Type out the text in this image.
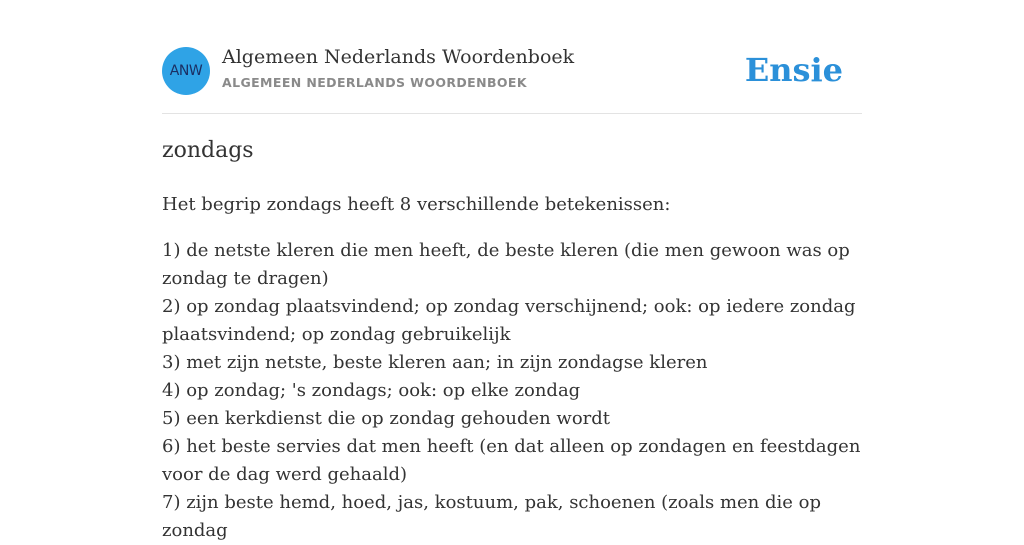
ANW
Algemeen Nederlands Woordenboek
ALGEMEEN NEDERLANDS WOORDENBOEK	Ensie
zondags

Het begrip zondags heeft 8 verschillende betekenissen:

1) de netste kleren die men heeft, de beste kleren (die men gewoon was op zondag te dragen)
2) op zondag plaatsvindend; op zondag verschijnend; ook: op iedere zondag plaatsvindend; op zondag gebruikelijk
3) met zijn netste, beste kleren aan; in zijn zondagse kleren
4) op zondag; 's zondags; ook: op elke zondag
5) een kerkdienst die op zondag gehouden wordt
6) het beste servies dat men heeft (en dat alleen op zondagen en feestdagen voor de dag werd gehaald)
7) zijn beste hemd, hoed, jas, kostuum, pak, schoenen (zoals men die op zondag
